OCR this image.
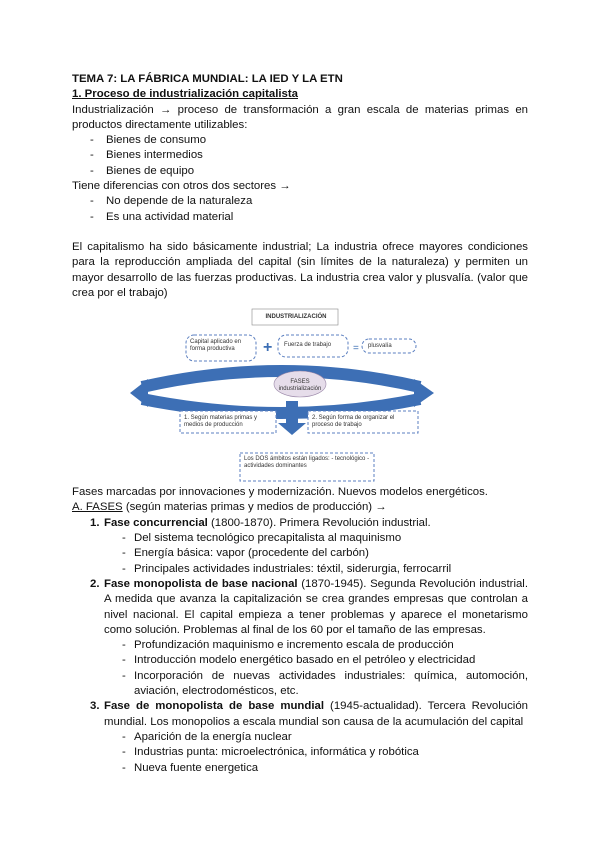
TEMA 7: LA FÁBRICA MUNDIAL: LA IED Y LA ETN
1. Proceso de industrialización capitalista
Industrialización → proceso de transformación a gran escala de materias primas en productos directamente utilizables:
- Bienes de consumo
- Bienes intermedios
- Bienes de equipo
Tiene diferencias con otros dos sectores →
- No depende de la naturaleza
- Es una actividad material
El capitalismo ha sido básicamente industrial; La industria ofrece mayores condiciones para la reproducción ampliada del capital (sin límites de la naturaleza) y permiten un mayor desarrollo de las fuerzas productivas. La industria crea valor y plusvalía. (valor que crea por el trabajo)
+	=
INDUSTRIALIZACIÓN
Capital aplicado en forma productiva
Fuerza de trabajo	plusvalía
FASES industrialización
1. Según materias primas y medios de producción
2. Según forma de organizar el proceso de trabajo
Los DOS ámbitos están ligados: - tecnológico - actividades dominantes
Fases marcadas por innovaciones y modernización. Nuevos modelos energéticos.
A. FASES (según materias primas y medios de producción) →
1. Fase concurrencial (1800-1870). Primera Revolución industrial.
- Del sistema tecnológico precapitalista al maquinismo
- Energía básica: vapor (procedente del carbón)
- Principales actividades industriales: téxtil, siderurgia, ferrocarril
2. Fase monopolista de base nacional (1870-1945). Segunda Revolución industrial. A medida que avanza la capitalización se crea grandes empresas que controlan a nivel nacional. El capital empieza a tener problemas y aparece el monetarismo como solución. Problemas al final de los 60 por el tamaño de las empresas.
- Profundización maquinismo e incremento escala de producción
- Introducción modelo energético basado en el petróleo y electricidad
- Incorporación de nuevas actividades industriales: química, automoción, aviación, electrodomésticos, etc.
3. Fase de monopolista de base mundial (1945-actualidad). Tercera Revolución mundial. Los monopolios a escala mundial son causa de la acumulación del capital
- Aparición de la energía nuclear
- Industrias punta: microelectrónica, informática y robótica
- Nueva fuente energetica
